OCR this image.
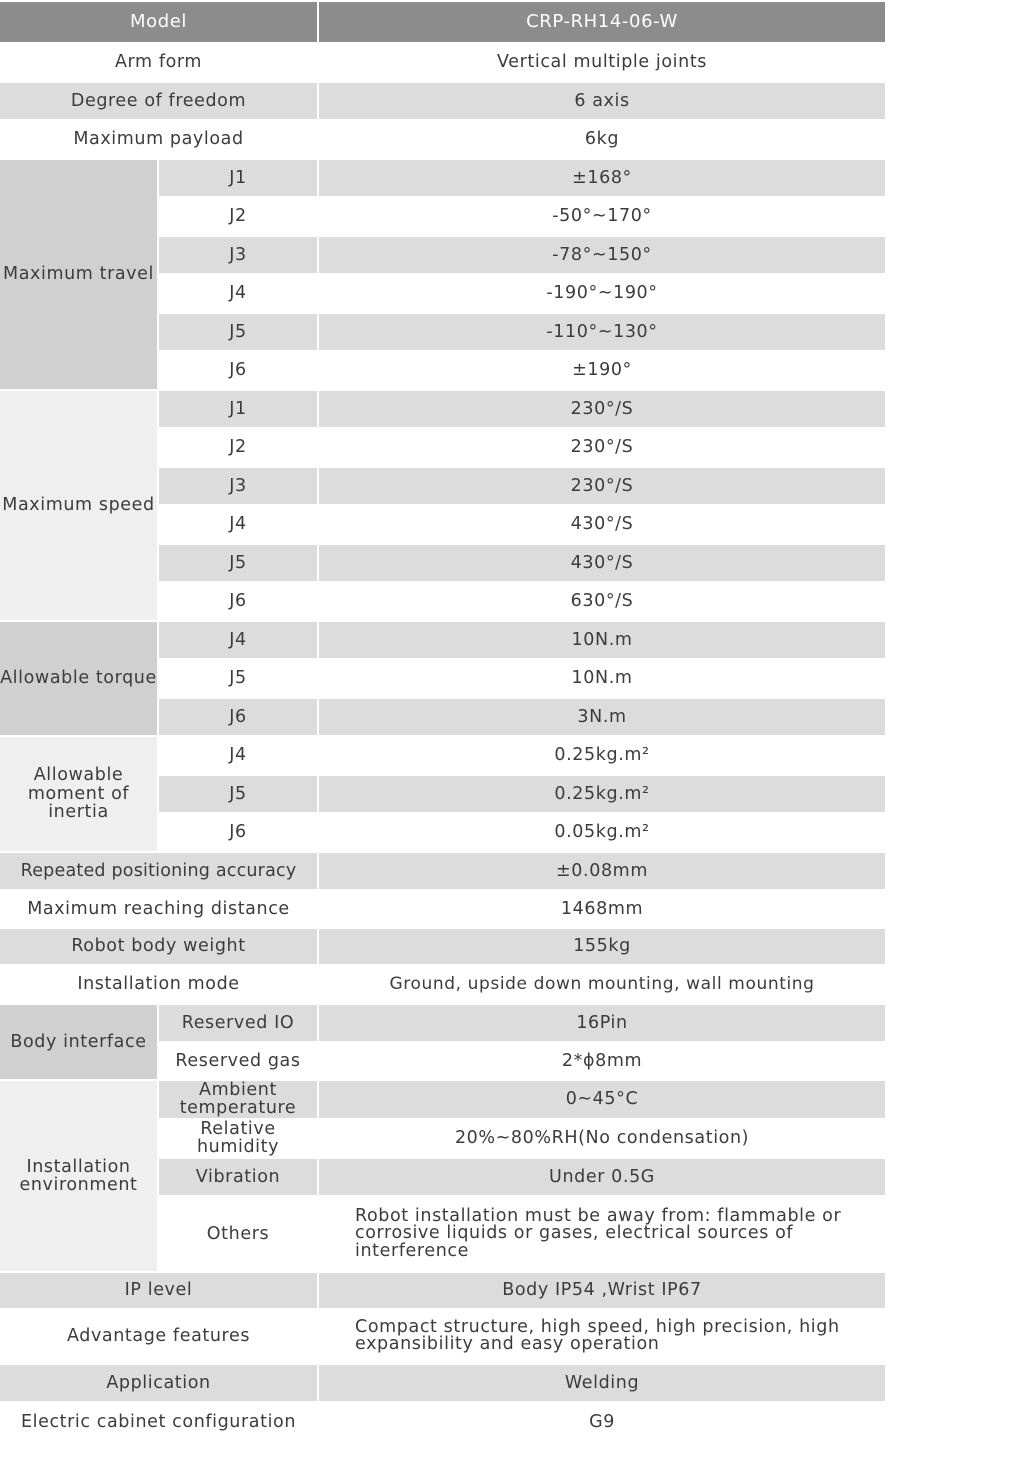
Model		CRP-RH14-06-W
Arm form		Vertical multiple joints
Degree of freedom		6 axis
Maximum payload		6kg
Maximum travel	J1	±168°
	J2	-50°~170°
	J3	-78°~150°
	J4	-190°~190°
	J5	-110°~130°
	J6	±190°
Maximum speed	J1	230°/S
	J2	230°/S
	J3	230°/S
	J4	430°/S
	J5	430°/S
	J6	630°/S
Allowable torque	J4	10N.m
	J5	10N.m
	J6	3N.m
Allowable moment of inertia	J4	0.25kg.m²
	J5	0.25kg.m²
	J6	0.05kg.m²
Repeated positioning accuracy		±0.08mm
Maximum reaching distance		1468mm
Robot body weight		155kg
Installation mode		Ground, upside down mounting, wall mounting
Body interface	Reserved IO	16Pin
	Reserved gas	2*ϕ8mm
Installation environment	Ambient temperature	0~45°C
	Relative humidity	20%~80%RH(No condensation)
	Vibration	Under 0.5G
	Others	Robot installation must be away from: flammable or corrosive liquids or gases, electrical sources of interference
IP level		Body IP54 ,Wrist IP67
Advantage features		Compact structure, high speed, high precision, high expansibility and easy operation
Application		Welding
Electric cabinet configuration		G9
